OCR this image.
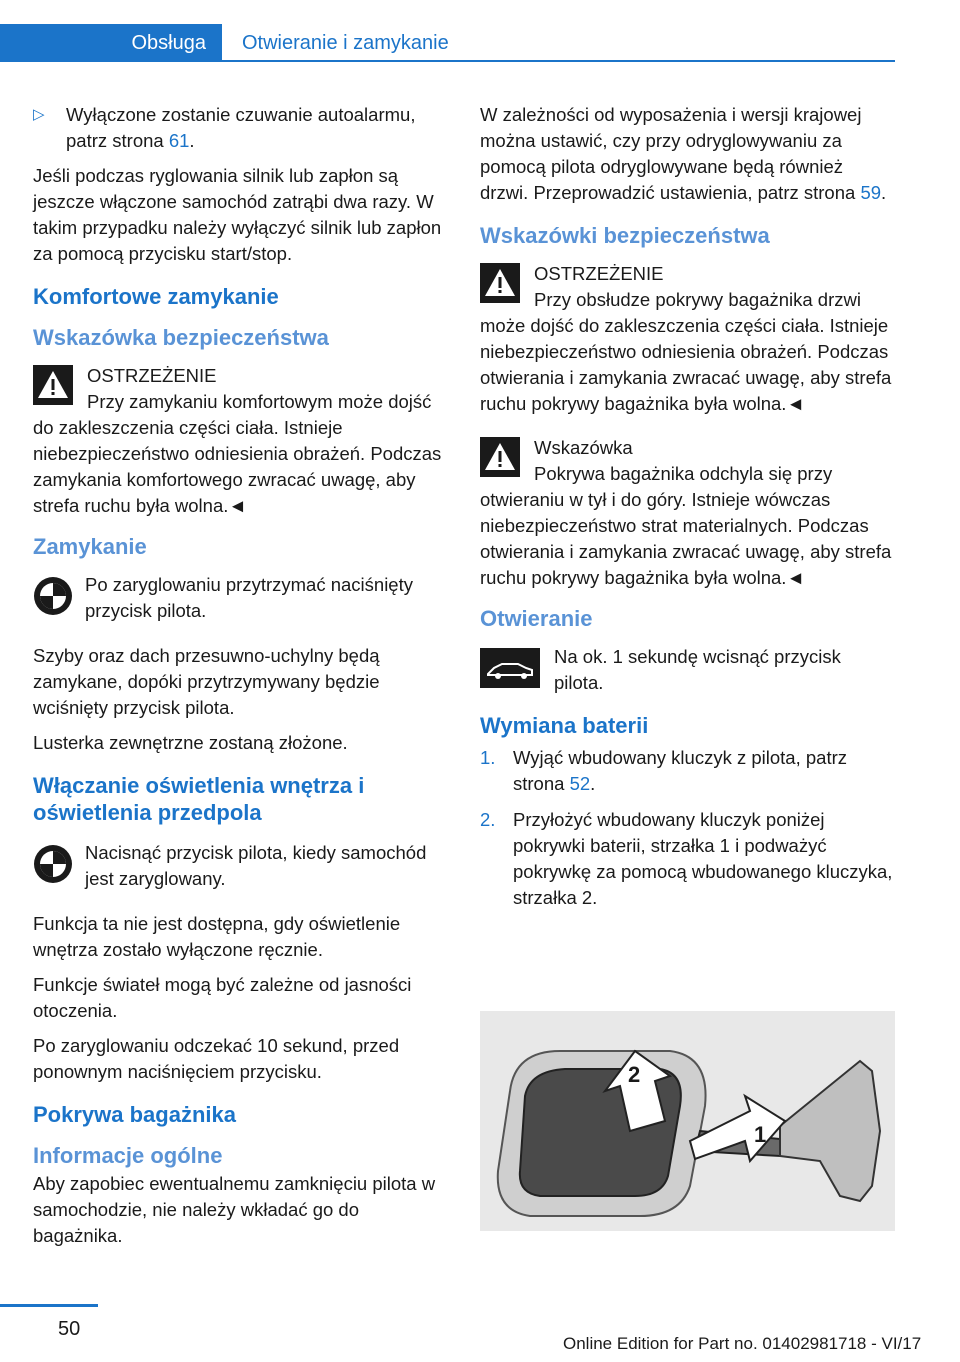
Obsługa	Otwieranie i zamykanie

▷ Wyłączone zostanie czuwanie autoalarmu, patrz strona 61.

Jeśli podczas ryglowania silnik lub zapłon są jeszcze włączone samochód zatrąbi dwa razy. W takim przypadku należy wyłączyć silnik lub zapłon za pomocą przycisku start/stop.

Komfortowe zamykanie
Wskazówka bezpieczeństwa

OSTRZEŻENIE

Przy zamykaniu komfortowym może dojść do zakleszczenia części ciała. Istnieje niebezpieczeństwo odniesienia obrażeń. Podczas zamykania komfortowego zwracać uwagę, aby strefa ruchu była wolna.◄

Zamykanie

Po zaryglowaniu przytrzymać naciśnięty przycisk pilota.

Szyby oraz dach przesuwno-uchylny będą zamykane, dopóki przytrzymywany będzie wciśnięty przycisk pilota.

Lusterka zewnętrzne zostaną złożone.

Włączanie oświetlenia wnętrza i oświetlenia przedpola

Nacisnąć przycisk pilota, kiedy samochód jest zaryglowany.

Funkcja ta nie jest dostępna, gdy oświetlenie wnętrza zostało wyłączone ręcznie.

Funkcje świateł mogą być zależne od jasności otoczenia.

Po zaryglowaniu odczekać 10 sekund, przed ponownym naciśnięciem przycisku.

Pokrywa bagażnika
Informacje ogólne

Aby zapobiec ewentualnemu zamknięciu pilota w samochodzie, nie należy wkładać go do bagażnika.

W zależności od wyposażenia i wersji krajowej można ustawić, czy przy odryglowywaniu za pomocą pilota odryglowywane będą również drzwi. Przeprowadzić ustawienia, patrz strona 59.

Wskazówki bezpieczeństwa

OSTRZEŻENIE

Przy obsłudze pokrywy bagażnika drzwi może dojść do zakleszczenia części ciała. Istnieje niebezpieczeństwo odniesienia obrażeń. Podczas otwierania i zamykania zwracać uwagę, aby strefa ruchu pokrywy bagażnika była wolna.◄

Wskazówka

Pokrywa bagażnika odchyla się przy otwieraniu w tył i do góry. Istnieje wówczas niebezpieczeństwo strat materialnych. Podczas otwierania i zamykania zwracać uwagę, aby strefa ruchu pokrywy bagażnika była wolna.◄

Otwieranie

Na ok. 1 sekundę wcisnąć przycisk pilota.

Wymiana baterii
1. Wyjąć wbudowany kluczyk z pilota, patrz strona 52.
2. Przyłożyć wbudowany kluczyk poniżej pokrywki baterii, strzałka 1 i podważyć pokrywkę za pomocą wbudowanego kluczyka, strzałka 2.
1
2
50
Online Edition for Part no. 01402981718 - VI/17
